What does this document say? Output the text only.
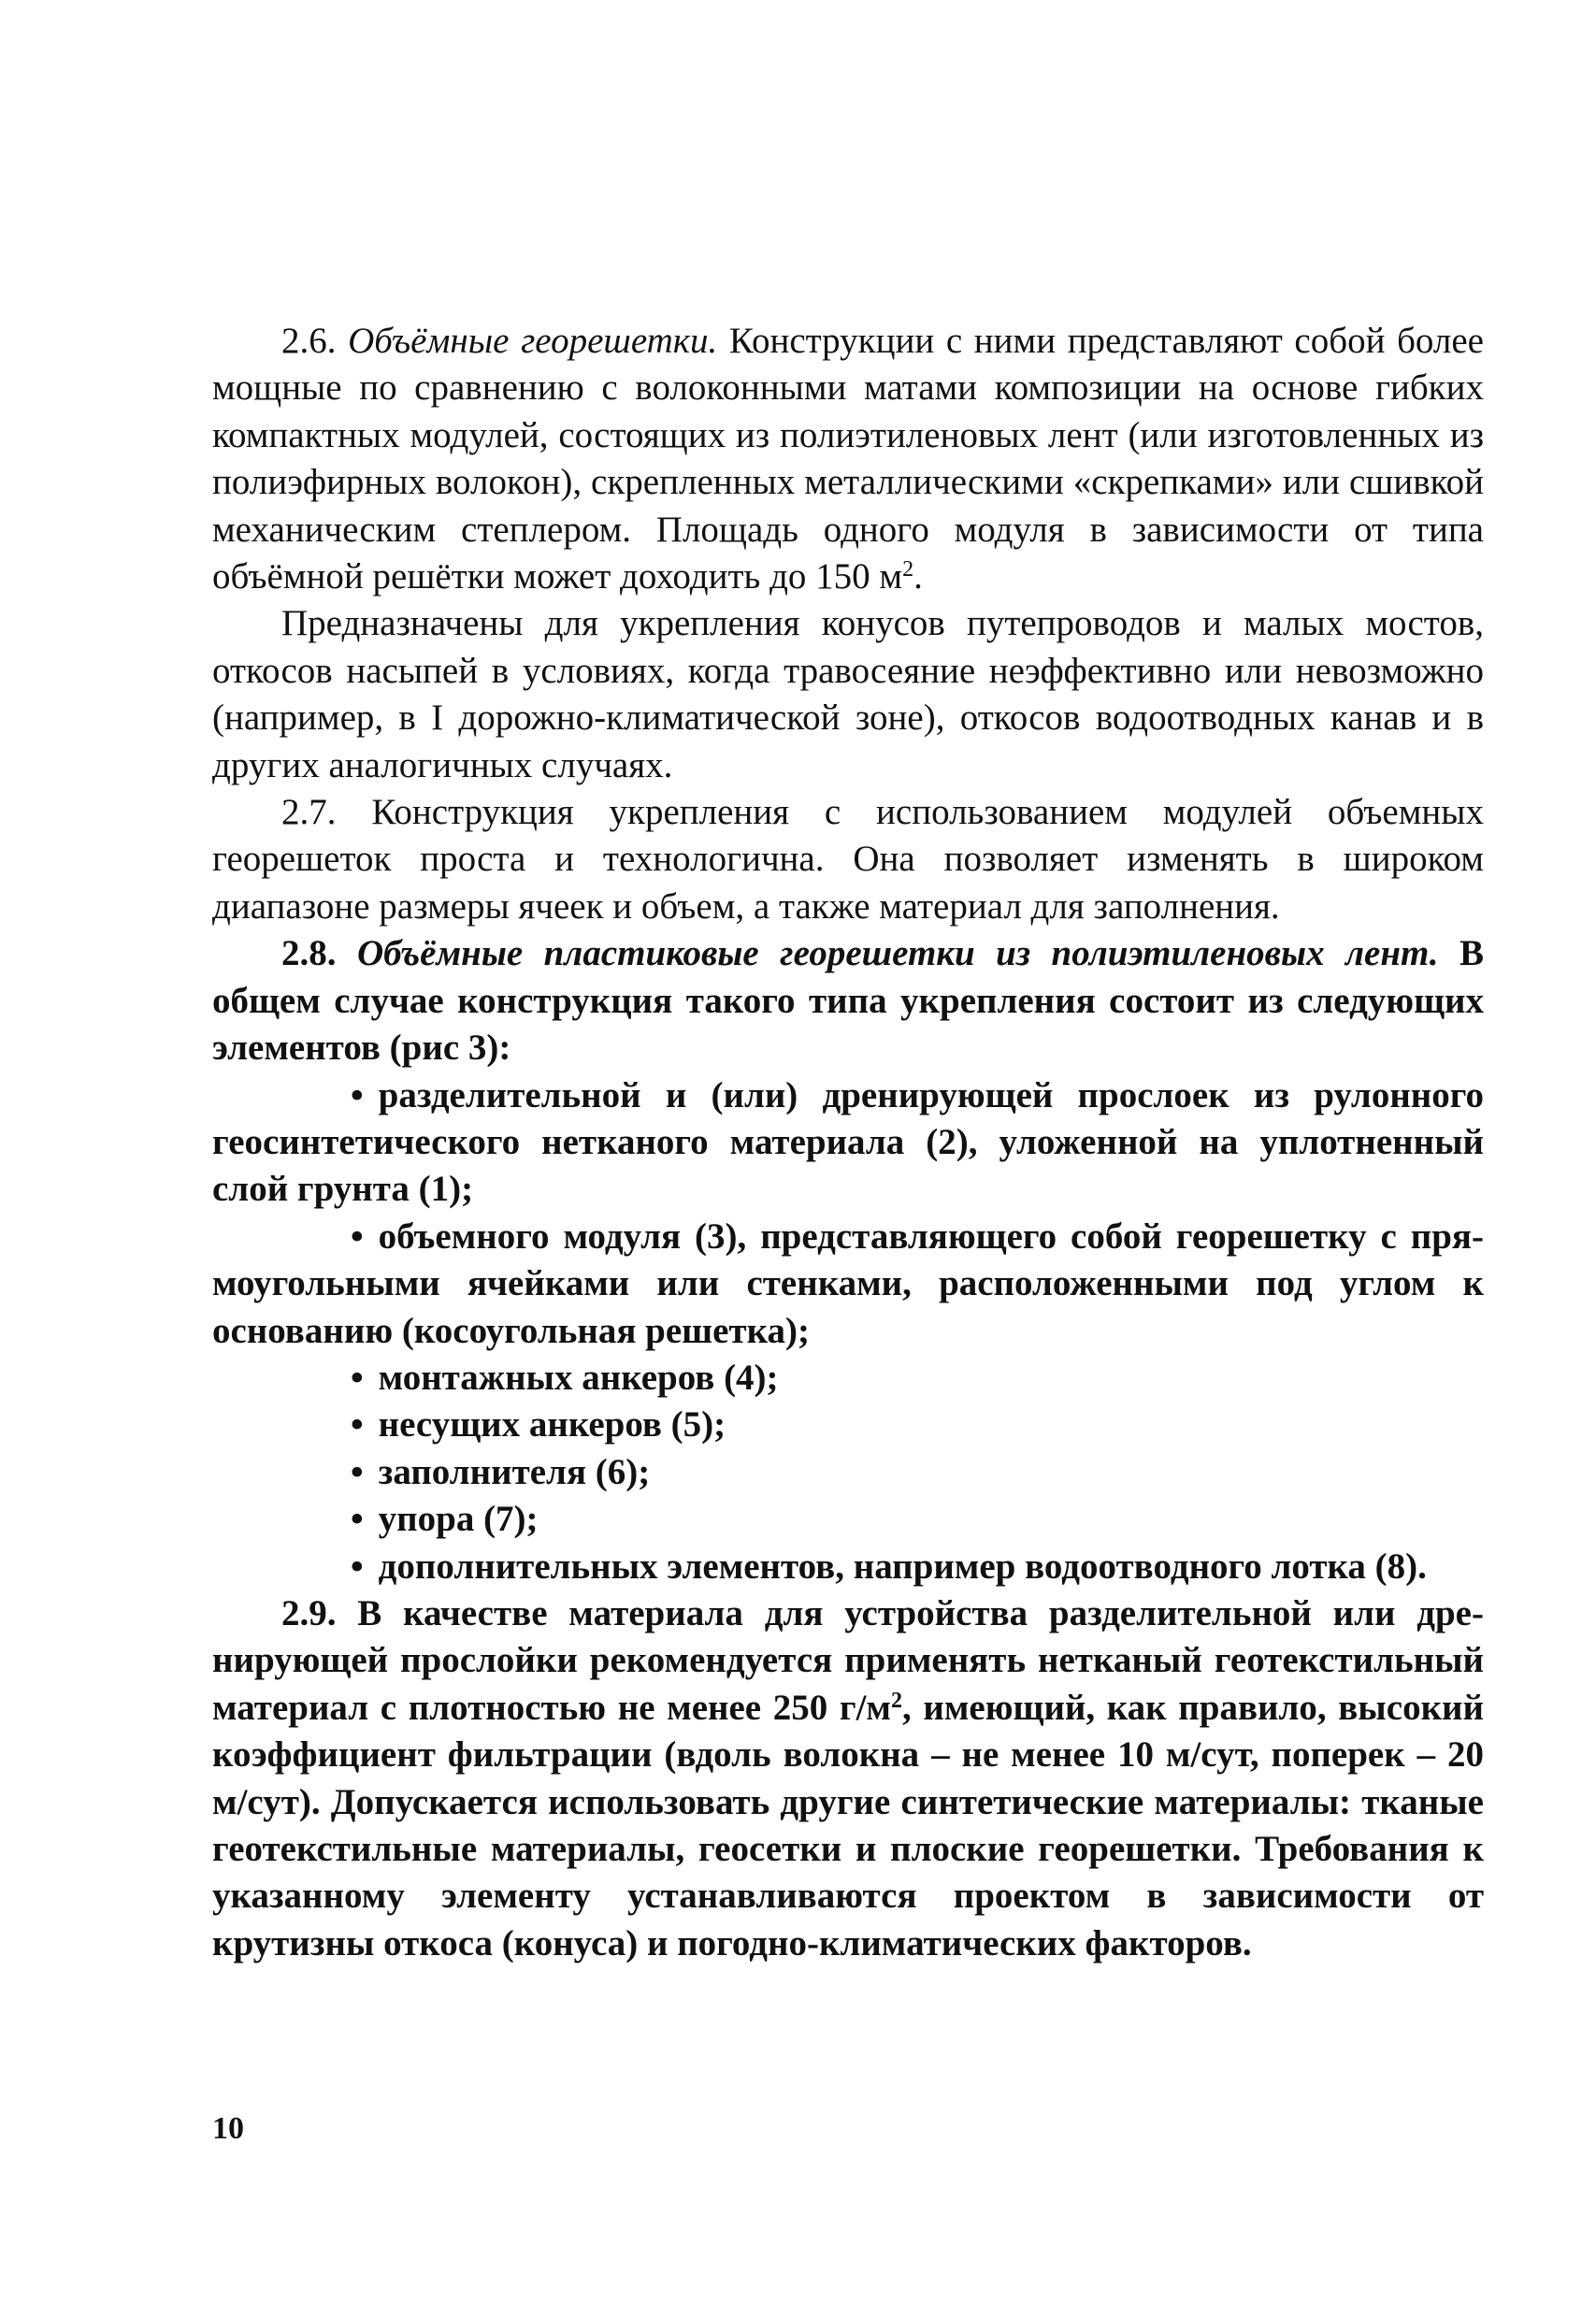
2.6. Объёмные георешетки. Конструкции с ними представляют собой более мощные по сравнению с волоконными матами композиции на основе гибких компактных модулей, состоящих из полиэтиленовых лент (или изготовленных из полиэфирных волокон), скрепленных металлическими «скрепками» или сшивкой механическим степлером. Площадь одного модуля в зависимости от типа объёмной решётки может доходить до 150 $м^2$.

Предназначены для укрепления конусов путепроводов и малых мостов, откосов насыпей в условиях, когда травосеяние неэффективно или невозможно (например, в I дорожно-климатической зоне), откосов водоотводных канав и в других аналогичных случаях.

2.7. Конструкция укрепления с использованием модулей объемных георешеток проста и технологична. Она позволяет изменять в широком диапазоне размеры ячеек и объем, а также материал для заполнения.

2.8. Объёмные пластиковые георешетки из полиэтиленовых лент. В общем случае конструкция такого типа укрепления состоит из следующих элементов (рис 3):

• разделительной и (или) дренирующей прослоек из рулонного геосинтетического нетканого материала (2), уложенной на уплотненный слой грунта (1);

• объемного модуля (3), представляющего собой георешетку с прямоугольными ячейками или стенками, расположенными под углом к основанию (косоугольная решетка);

• монтажных анкеров (4);

• несущих анкеров (5);

• заполнителя (6);

• упора (7);

• дополнительных элементов, например водоотводного лотка (8).

2.9. В качестве материала для устройства разделительной или дренирующей прослойки рекомендуется применять нетканый геотекстильный материал с плотностью не менее 250 $г/м^2$, имеющий, как правило, высокий коэффициент фильтрации (вдоль волокна – не менее 10 м/сут, поперек – 20 м/сут). Допускается использовать другие синтетические материалы: тканые геотекстильные материалы, геосетки и плоские георешетки. Требования к указанному элементу устанавливаются проектом в зависимости от крутизны откоса (конуса) и погодно-климатических факторов.

10
